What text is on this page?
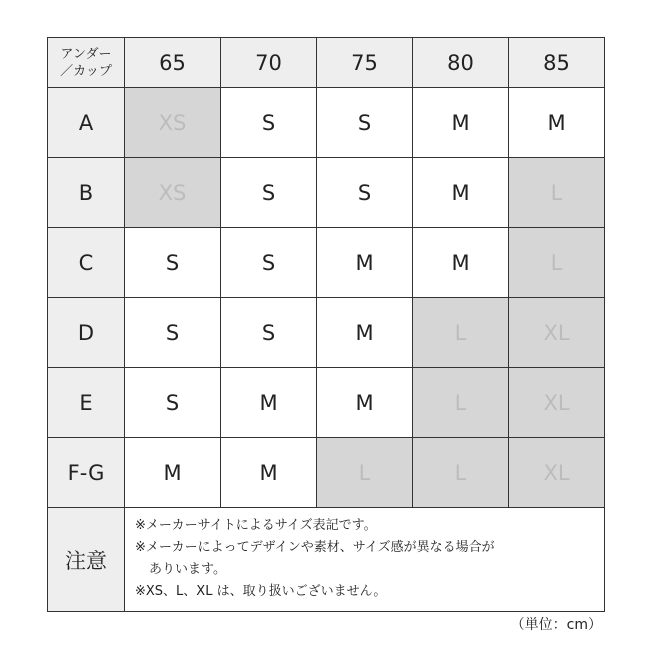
アンダー
／カップ	65	70	75	80	85
A	XS	S	S	M	M
B	XS	S	S	M	L
C	S	S	M	M	L
D	S	S	M	L	XL
E	S	M	M	L	XL
F-G	M	M	L	L	XL
注意	※メーカーサイトによるサイズ表記です。
※メーカーによってデザインや素材、サイズ感が異なる場合が
ありいます。
※XS、L、XL は、取り扱いございません。				
（単位：cm）
